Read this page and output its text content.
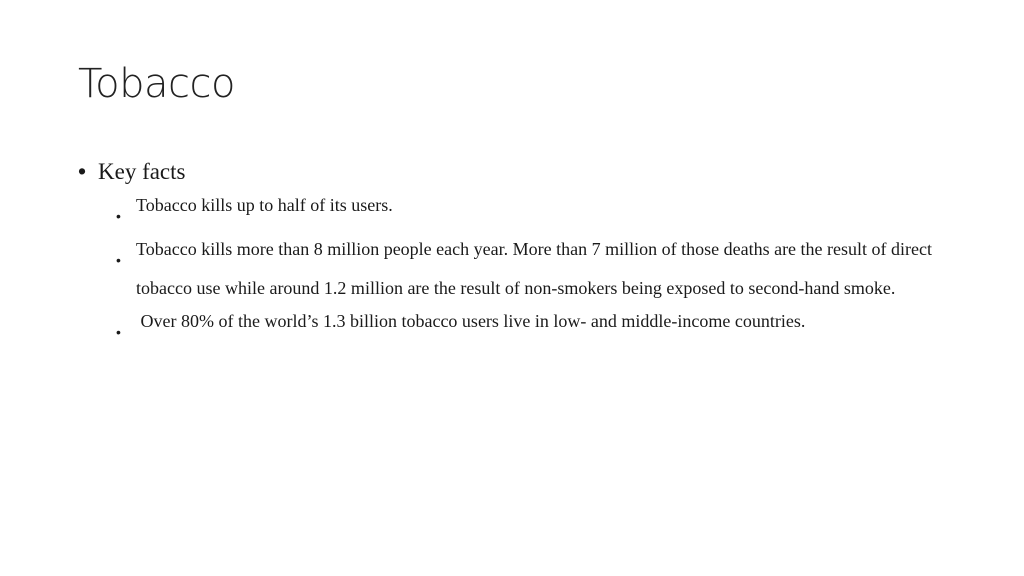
Tobacco
• Key facts
•
Tobacco kills up to half of its users.
•
Tobacco kills more than 8 million people each year. More than 7 million of those deaths are the result of direct tobacco use while around 1.2 million are the result of non-smokers being exposed to second-hand smoke.
•
Over 80% of the world’s 1.3 billion tobacco users live in low- and middle-income countries.
